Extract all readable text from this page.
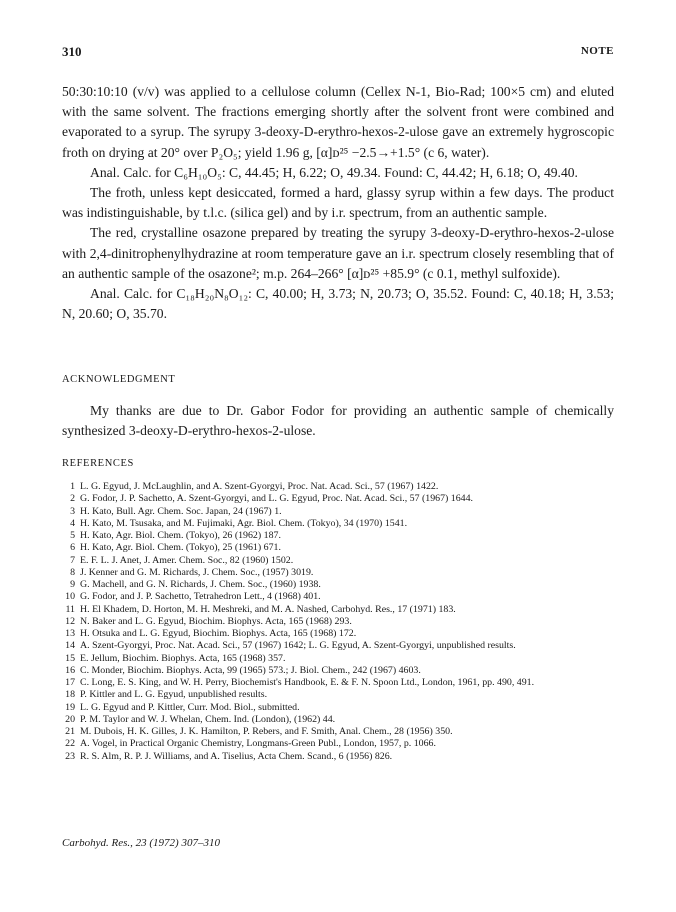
310	NOTE

50:30:10:10 (v/v) was applied to a cellulose column (Cellex N-1, Bio-Rad; 100×5 cm) and eluted with the same solvent. The fractions emerging shortly after the solvent front were combined and evaporated to a syrup. The syrupy 3-deoxy-D-erythro-hexos-2-ulose gave an extremely hygroscopic froth on drying at 20° over P₂O₅; yield 1.96 g, [α]ᴅ²⁵ −2.5→+1.5° (c 6, water).

Anal. Calc. for C₆H₁₀O₅: C, 44.45; H, 6.22; O, 49.34. Found: C, 44.42; H, 6.18; O, 49.40.

The froth, unless kept desiccated, formed a hard, glassy syrup within a few days. The product was indistinguishable, by t.l.c. (silica gel) and by i.r. spectrum, from an authentic sample.

The red, crystalline osazone prepared by treating the syrupy 3-deoxy-D-erythro-hexos-2-ulose with 2,4-dinitrophenylhydrazine at room temperature gave an i.r. spectrum closely resembling that of an authentic sample of the osazone²; m.p. 264–266° [α]ᴅ²⁵ +85.9° (c 0.1, methyl sulfoxide).

Anal. Calc. for C₁₈H₂₀N₈O₁₂: C, 40.00; H, 3.73; N, 20.73; O, 35.52. Found: C, 40.18; H, 3.53; N, 20.60; O, 35.70.

ACKNOWLEDGMENT

My thanks are due to Dr. Gabor Fodor for providing an authentic sample of chemically synthesized 3-deoxy-D-erythro-hexos-2-ulose.

REFERENCES

1 L. G. Egyud, J. McLaughlin, and A. Szent-Gyorgyi, Proc. Nat. Acad. Sci., 57 (1967) 1422.
2 G. Fodor, J. P. Sachetto, A. Szent-Gyorgyi, and L. G. Egyud, Proc. Nat. Acad. Sci., 57 (1967) 1644.
3 H. Kato, Bull. Agr. Chem. Soc. Japan, 24 (1967) 1.
4 H. Kato, M. Tsusaka, and M. Fujimaki, Agr. Biol. Chem. (Tokyo), 34 (1970) 1541.
5 H. Kato, Agr. Biol. Chem. (Tokyo), 26 (1962) 187.
6 H. Kato, Agr. Biol. Chem. (Tokyo), 25 (1961) 671.
7 E. F. L. J. Anet, J. Amer. Chem. Soc., 82 (1960) 1502.
8 J. Kenner and G. M. Richards, J. Chem. Soc., (1957) 3019.
9 G. Machell, and G. N. Richards, J. Chem. Soc., (1960) 1938.
10 G. Fodor, and J. P. Sachetto, Tetrahedron Lett., 4 (1968) 401.
11 H. El Khadem, D. Horton, M. H. Meshreki, and M. A. Nashed, Carbohyd. Res., 17 (1971) 183.
12 N. Baker and L. G. Egyud, Biochim. Biophys. Acta, 165 (1968) 293.
13 H. Otsuka and L. G. Egyud, Biochim. Biophys. Acta, 165 (1968) 172.
14 A. Szent-Gyorgyi, Proc. Nat. Acad. Sci., 57 (1967) 1642; L. G. Egyud, A. Szent-Gyorgyi, unpublished results.
15 E. Jellum, Biochim. Biophys. Acta, 165 (1968) 357.
16 C. Monder, Biochim. Biophys. Acta, 99 (1965) 573.; J. Biol. Chem., 242 (1967) 4603.
17 C. Long, E. S. King, and W. H. Perry, Biochemist's Handbook, E. & F. N. Spoon Ltd., London, 1961, pp. 490, 491.
18 P. Kittler and L. G. Egyud, unpublished results.
19 L. G. Egyud and P. Kittler, Curr. Mod. Biol., submitted.
20 P. M. Taylor and W. J. Whelan, Chem. Ind. (London), (1962) 44.
21 M. Dubois, H. K. Gilles, J. K. Hamilton, P. Rebers, and F. Smith, Anal. Chem., 28 (1956) 350.
22 A. Vogel, in Practical Organic Chemistry, Longmans-Green Publ., London, 1957, p. 1066.
23 R. S. Alm, R. P. J. Williams, and A. Tiselius, Acta Chem. Scand., 6 (1956) 826.
Carbohyd. Res., 23 (1972) 307–310
